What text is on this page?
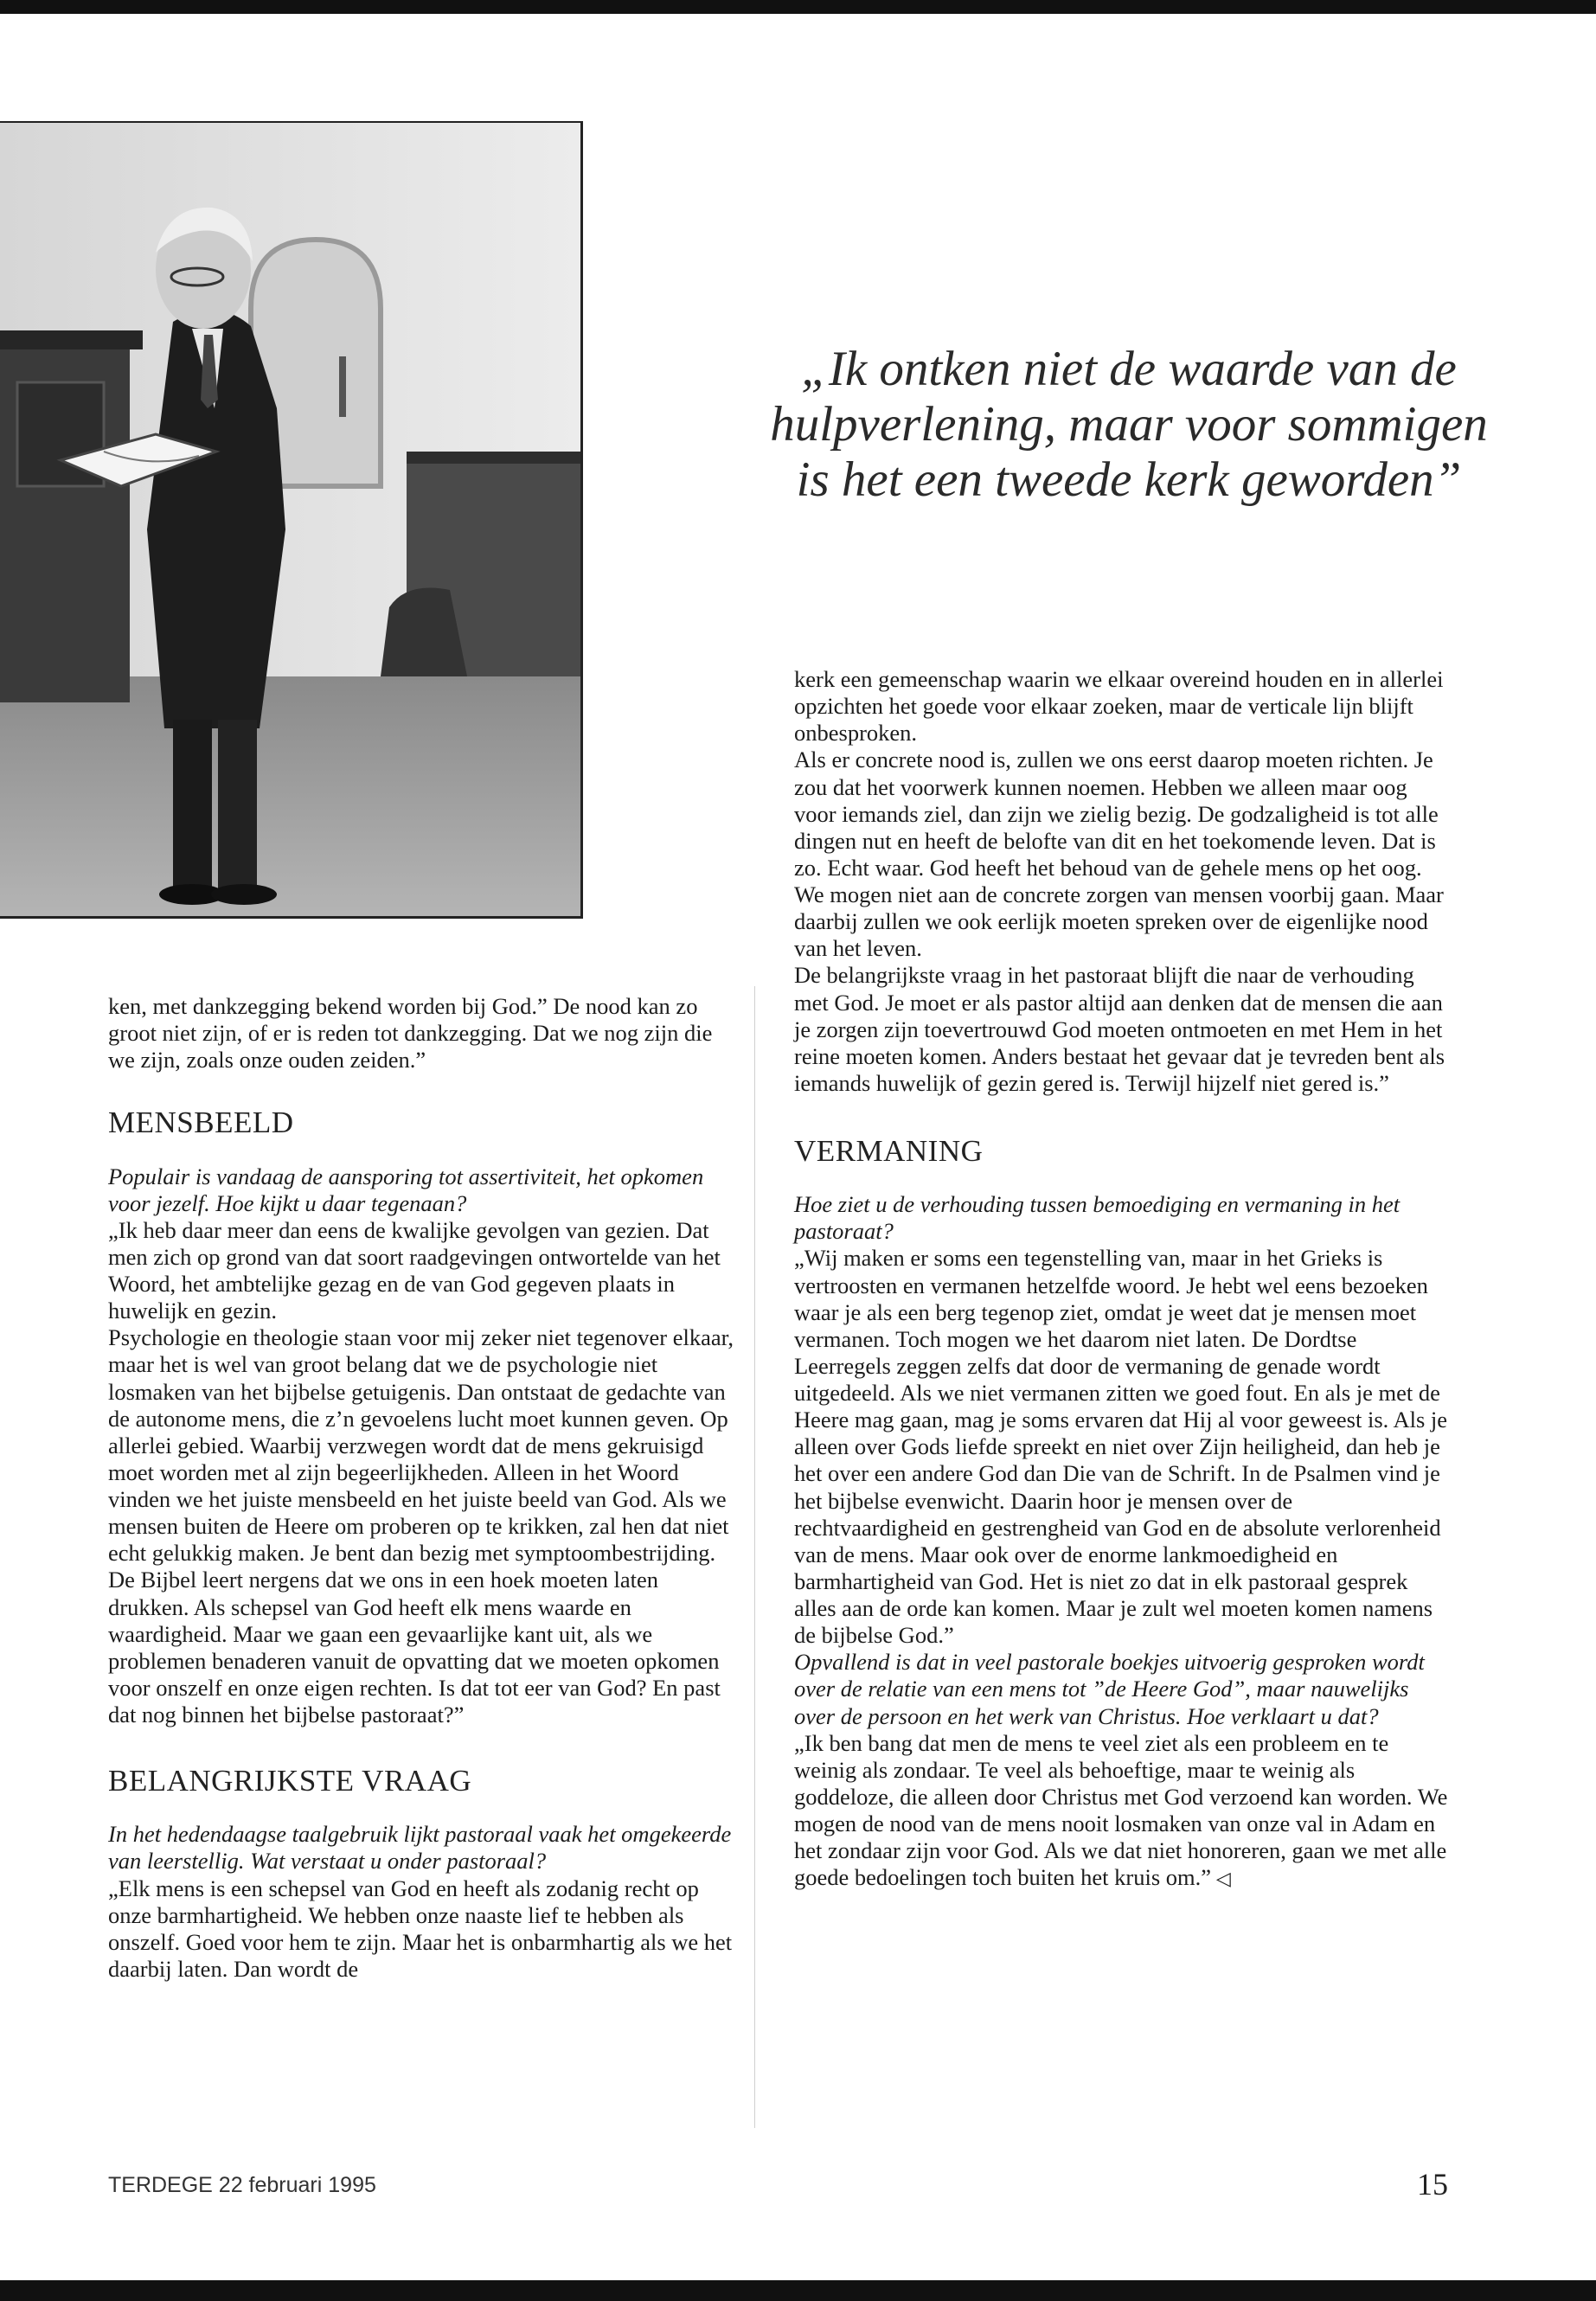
„Ik ontken niet de waarde van de hulpverlening, maar voor sommigen is het een tweede kerk geworden”

ken, met dankzegging bekend worden bij God.” De nood kan zo groot niet zijn, of er is reden tot dankzegging. Dat we nog zijn die we zijn, zoals onze ouden zeiden.”

MENSBEELD

Populair is vandaag de aansporing tot assertiviteit, het opkomen voor jezelf. Hoe kijkt u daar tegenaan?

„Ik heb daar meer dan eens de kwalijke gevolgen van gezien. Dat men zich op grond van dat soort raadgevingen ontwortelde van het Woord, het ambtelijke gezag en de van God gegeven plaats in huwelijk en gezin.

Psychologie en theologie staan voor mij zeker niet tegenover elkaar, maar het is wel van groot belang dat we de psychologie niet losmaken van het bijbelse getuigenis. Dan ontstaat de gedachte van de autonome mens, die z’n gevoelens lucht moet kunnen geven. Op allerlei gebied. Waarbij verzwegen wordt dat de mens gekruisigd moet worden met al zijn begeerlijkheden. Alleen in het Woord vinden we het juiste mensbeeld en het juiste beeld van God. Als we mensen buiten de Heere om proberen op te krikken, zal hen dat niet echt gelukkig maken. Je bent dan bezig met symptoombestrijding.

De Bijbel leert nergens dat we ons in een hoek moeten laten drukken. Als schepsel van God heeft elk mens waarde en waardigheid. Maar we gaan een gevaarlijke kant uit, als we problemen benaderen vanuit de opvatting dat we moeten opkomen voor onszelf en onze eigen rechten. Is dat tot eer van God? En past dat nog binnen het bijbelse pastoraat?”

BELANGRIJKSTE VRAAG

In het hedendaagse taalgebruik lijkt pastoraal vaak het omgekeerde van leerstellig. Wat verstaat u onder pastoraal?

„Elk mens is een schepsel van God en heeft als zodanig recht op onze barmhartigheid. We hebben onze naaste lief te hebben als onszelf. Goed voor hem te zijn. Maar het is onbarmhartig als we het daarbij laten. Dan wordt de

kerk een gemeenschap waarin we elkaar overeind houden en in allerlei opzichten het goede voor elkaar zoeken, maar de verticale lijn blijft onbesproken.

Als er concrete nood is, zullen we ons eerst daarop moeten richten. Je zou dat het voorwerk kunnen noemen. Hebben we alleen maar oog voor iemands ziel, dan zijn we zielig bezig. De godzaligheid is tot alle dingen nut en heeft de belofte van dit en het toekomende leven. Dat is zo. Echt waar. God heeft het behoud van de gehele mens op het oog. We mogen niet aan de concrete zorgen van mensen voorbij gaan. Maar daarbij zullen we ook eerlijk moeten spreken over de eigenlijke nood van het leven.

De belangrijkste vraag in het pastoraat blijft die naar de verhouding met God. Je moet er als pastor altijd aan denken dat de mensen die aan je zorgen zijn toevertrouwd God moeten ontmoeten en met Hem in het reine moeten komen. Anders bestaat het gevaar dat je tevreden bent als iemands huwelijk of gezin gered is. Terwijl hijzelf niet gered is.”

VERMANING

Hoe ziet u de verhouding tussen bemoediging en vermaning in het pastoraat?

„Wij maken er soms een tegenstelling van, maar in het Grieks is vertroosten en vermanen hetzelfde woord. Je hebt wel eens bezoeken waar je als een berg tegenop ziet, omdat je weet dat je mensen moet vermanen. Toch mogen we het daarom niet laten. De Dordtse Leerregels zeggen zelfs dat door de vermaning de genade wordt uitgedeeld. Als we niet vermanen zitten we goed fout. En als je met de Heere mag gaan, mag je soms ervaren dat Hij al voor geweest is. Als je alleen over Gods liefde spreekt en niet over Zijn heiligheid, dan heb je het over een andere God dan Die van de Schrift. In de Psalmen vind je het bijbelse evenwicht. Daarin hoor je mensen over de rechtvaardigheid en gestrengheid van God en de absolute verlorenheid van de mens. Maar ook over de enorme lankmoedigheid en barmhartigheid van God. Het is niet zo dat in elk pastoraal gesprek alles aan de orde kan komen. Maar je zult wel moeten komen namens de bijbelse God.”

Opvallend is dat in veel pastorale boekjes uitvoerig gesproken wordt over de relatie van een mens tot ”de Heere God”, maar nauwelijks over de persoon en het werk van Christus. Hoe verklaart u dat?

„Ik ben bang dat men de mens te veel ziet als een probleem en te weinig als zondaar. Te veel als behoeftige, maar te weinig als goddeloze, die alleen door Christus met God verzoend kan worden. We mogen de nood van de mens nooit losmaken van onze val in Adam en het zondaar zijn voor God. Als we dat niet honoreren, gaan we met alle goede bedoelingen toch buiten het kruis om.” ◁

TERDEGE 22 februari 1995	15
